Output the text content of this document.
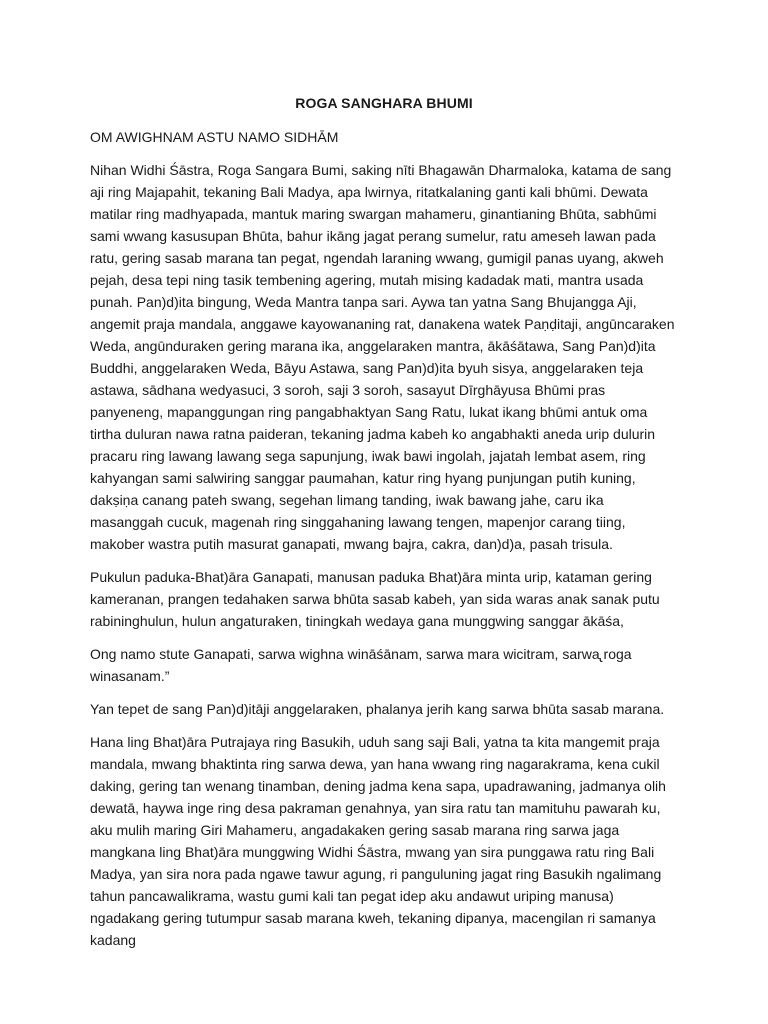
ROGA SANGHARA BHUMI
OM AWIGHNAM ASTU NAMO SIDHĀM
Nihan Widhi Śāstra, Roga Sangara Bumi, saking nīti Bhagawān Dharmaloka, katama de sang aji ring Majapahit, tekaning Bali Madya, apa lwirnya, ritatkalaning ganti kali bhūmi. Dewata matilar ring madhyapada, mantuk maring swargan mahameru, ginantianing Bhūta, sabhūmi sami wwang kasusupan Bhūta, bahur ikāng jagat perang sumelur, ratu ameseh lawan pada ratu, gering sasab marana tan pegat, ngendah laraning wwang, gumigil panas uyang, akweh pejah, desa tepi ning tasik tembening agering, mutah mising kadadak mati, mantra usada punah. Pan)d)ita bingung, Weda Mantra tanpa sari. Aywa tan yatna Sang Bhujangga Aji, angemit praja mandala, anggawe kayowananing rat, danakena watek Paṇḍitaji, angūncaraken Weda, angūnduraken gering marana ika, anggelaraken mantra, ākāśātawa, Sang Pan)d)ita Buddhi, anggelaraken Weda, Bāyu Astawa, sang Pan)d)ita byuh sisya, anggelaraken teja astawa, sādhana wedyasuci, 3 soroh, saji 3 soroh, sasayut Dīrghāyusa Bhūmi pras panyeneng, mapanggungan ring pangabhaktyan Sang Ratu, lukat ikang bhūmi antuk oma tirtha duluran nawa ratna paideran, tekaning jadma kabeh ko angabhakti aneda urip dulurin pracaru ring lawang lawang sega sapunjung, iwak bawi ingolah, jajatah lembat asem, ring kahyangan sami salwiring sanggar paumahan, katur ring hyang punjungan putih kuning, dakṣiṇa canang pateh swang, segehan limang tanding, iwak bawang jahe, caru ika masanggah cucuk, magenah ring singgahaning lawang tengen, mapenjor carang tiing, makober wastra putih masurat ganapati, mwang bajra, cakra, dan)d)a, pasah trisula.
Pukulun paduka-Bhat)āra Ganapati, manusan paduka Bhat)āra minta urip, kataman gering kameranan, prangen tedahaken sarwa bhūta sasab kabeh, yan sida waras anak sanak putu rabininghulun, hulun angaturaken, tiningkah wedaya gana munggwing sanggar ākāśa,
Ong namo stute Ganapati, sarwa wighna wināśānam, sarwa mara wicitram, sarwa̢ roga winasanam.”
Yan tepet de sang Pan)d)itāji anggelaraken, phalanya jerih kang sarwa bhūta sasab marana.
Hana ling Bhat)āra Putrajaya ring Basukih, uduh sang saji Bali, yatna ta kita mangemit praja mandala, mwang bhaktinta ring sarwa dewa, yan hana wwang ring nagarakrama, kena cukil daking, gering tan wenang tinamban, dening jadma kena sapa, upadrawaning, jadmanya olih dewatā, haywa inge ring desa pakraman genahnya, yan sira ratu tan mamituhu pawarah ku, aku mulih maring Giri Mahameru, angadakaken gering sasab marana ring sarwa jaga mangkana ling Bhat)āra munggwing Widhi Śāstra, mwang yan sira punggawa ratu ring Bali Madya, yan sira nora pada ngawe tawur agung, ri panguluning jagat ring Basukih ngalimang tahun pancawalikrama, wastu gumi kali tan pegat idep aku andawut uriping manusa) ngadakang gering tutumpur sasab marana kweh, tekaning dipanya, macengilan ri samanya kadang
